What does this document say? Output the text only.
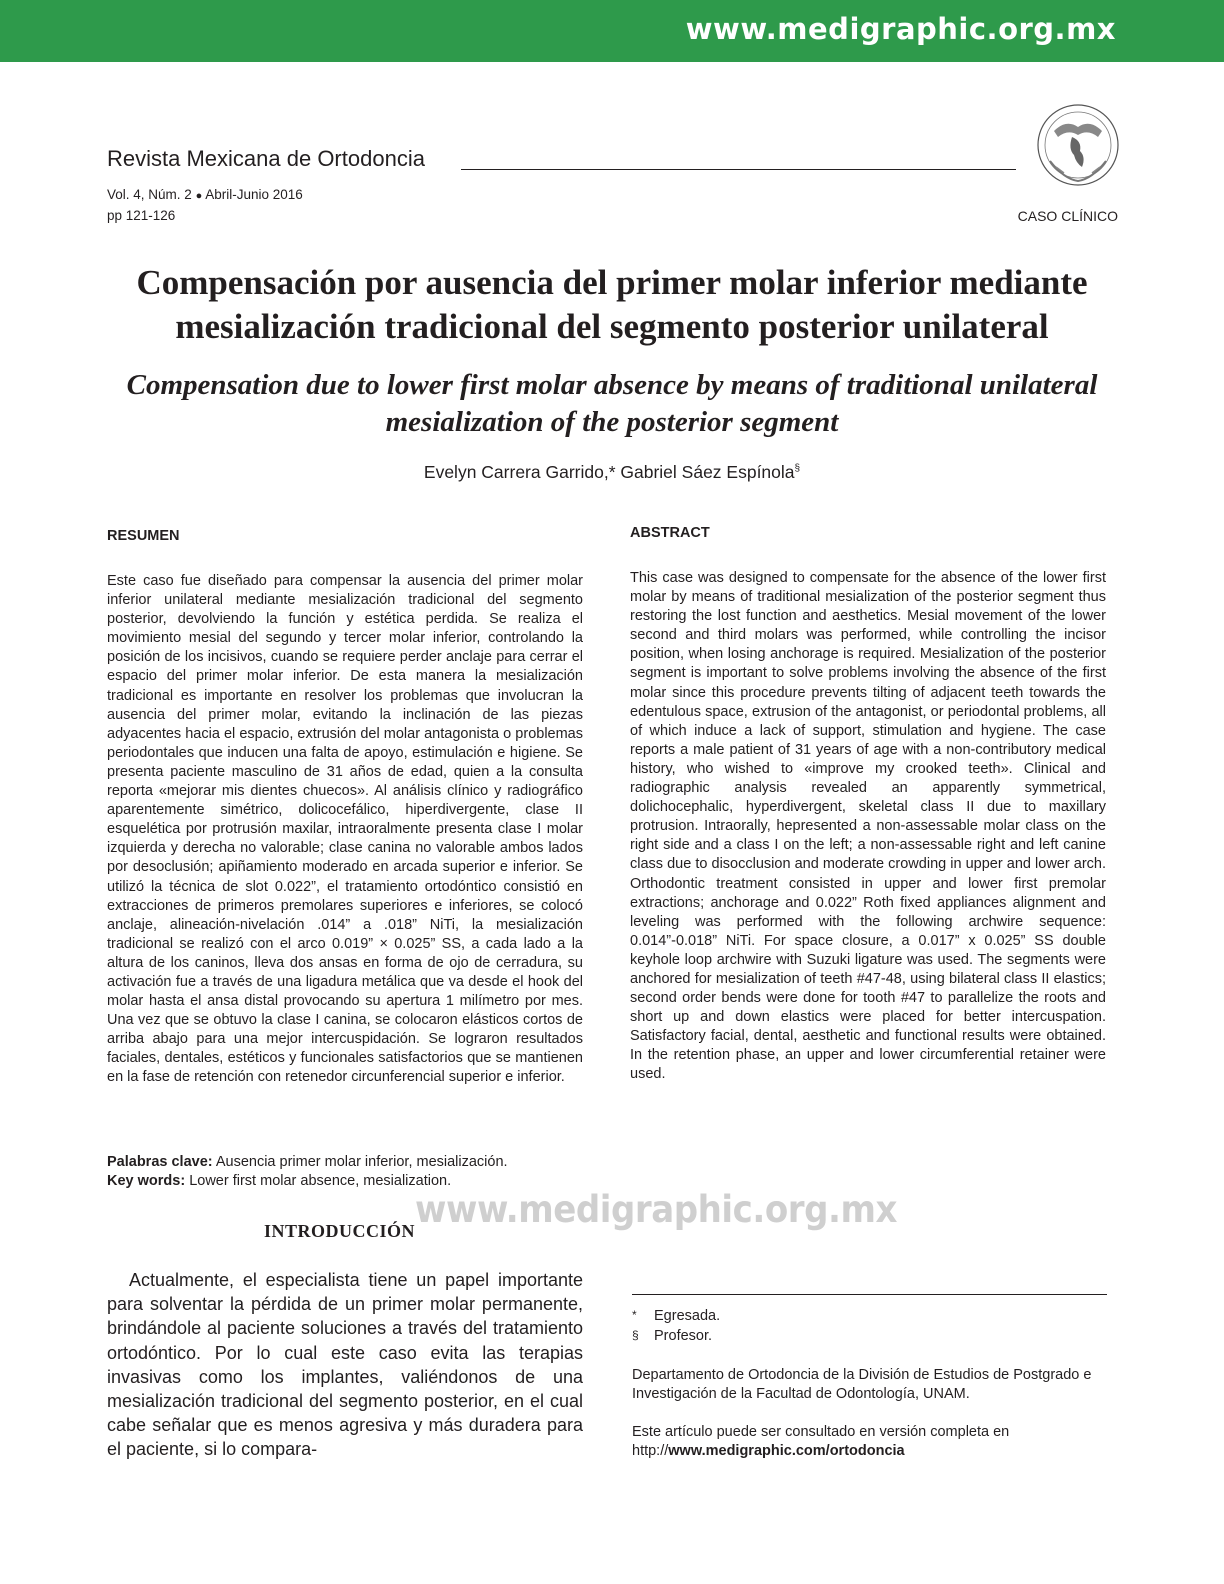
www.medigraphic.org.mx
Revista Mexicana de Ortodoncia
Vol. 4, Núm. 2 ● Abril-Junio 2016
pp 121-126	CASO CLÍNICO
Compensación por ausencia del primer molar inferior mediante mesialización tradicional del segmento posterior unilateral
Compensation due to lower first molar absence by means of traditional unilateral mesialization of the posterior segment
Evelyn Carrera Garrido,* Gabriel Sáez Espínola§
RESUMEN
Este caso fue diseñado para compensar la ausencia del primer molar inferior unilateral mediante mesialización tradicional del segmento posterior, devolviendo la función y estética perdida. Se realiza el movimiento mesial del segundo y tercer molar inferior, controlando la posición de los incisivos, cuando se requiere perder anclaje para cerrar el espacio del primer molar inferior. De esta manera la mesialización tradicional es importante en resolver los problemas que involucran la ausencia del primer molar, evitando la inclinación de las piezas adyacentes hacia el espacio, extrusión del molar antagonista o problemas periodontales que inducen una falta de apoyo, estimulación e higiene. Se presenta paciente masculino de 31 años de edad, quien a la consulta reporta «mejorar mis dientes chuecos». Al análisis clínico y radiográfico aparentemente simétrico, dolicocefálico, hiperdivergente, clase II esquelética por protrusión maxilar, intraoralmente presenta clase I molar izquierda y derecha no valorable; clase canina no valorable ambos lados por desoclusión; apiñamiento moderado en arcada superior e inferior. Se utilizó la técnica de slot 0.022”, el tratamiento ortodóntico consistió en extracciones de primeros premolares superiores e inferiores, se colocó anclaje, alineación-nivelación .014” a .018” NiTi, la mesialización tradicional se realizó con el arco 0.019” × 0.025” SS, a cada lado a la altura de los caninos, lleva dos ansas en forma de ojo de cerradura, su activación fue a través de una ligadura metálica que va desde el hook del molar hasta el ansa distal provocando su apertura 1 milímetro por mes. Una vez que se obtuvo la clase I canina, se colocaron elásticos cortos de arriba abajo para una mejor intercuspidación. Se lograron resultados faciales, dentales, estéticos y funcionales satisfactorios que se mantienen en la fase de retención con retenedor circunferencial superior e inferior.
ABSTRACT
This case was designed to compensate for the absence of the lower first molar by means of traditional mesialization of the posterior segment thus restoring the lost function and aesthetics. Mesial movement of the lower second and third molars was performed, while controlling the incisor position, when losing anchorage is required. Mesialization of the posterior segment is important to solve problems involving the absence of the first molar since this procedure prevents tilting of adjacent teeth towards the edentulous space, extrusion of the antagonist, or periodontal problems, all of which induce a lack of support, stimulation and hygiene. The case reports a male patient of 31 years of age with a non-contributory medical history, who wished to «improve my crooked teeth». Clinical and radiographic analysis revealed an apparently symmetrical, dolichocephalic, hyperdivergent, skeletal class II due to maxillary protrusion. Intraorally, hepresented a non-assessable molar class on the right side and a class I on the left; a non-assessable right and left canine class due to disocclusion and moderate crowding in upper and lower arch. Orthodontic treatment consisted in upper and lower first premolar extractions; anchorage and 0.022” Roth fixed appliances alignment and leveling was performed with the following archwire sequence: 0.014”-0.018” NiTi. For space closure, a 0.017” x 0.025” SS double keyhole loop archwire with Suzuki ligature was used. The segments were anchored for mesialization of teeth #47-48, using bilateral class II elastics; second order bends were done for tooth #47 to parallelize the roots and short up and down elastics were placed for better intercuspation. Satisfactory facial, dental, aesthetic and functional results were obtained. In the retention phase, an upper and lower circumferential retainer were used.
Palabras clave: Ausencia primer molar inferior, mesialización.
Key words: Lower first molar absence, mesialization.
www.medigraphic.org.mx
INTRODUCCIÓN
Actualmente, el especialista tiene un papel importante para solventar la pérdida de un primer molar permanente, brindándole al paciente soluciones a través del tratamiento ortodóntico. Por lo cual este caso evita las terapias invasivas como los implantes, valiéndonos de una mesialización tradicional del segmento posterior, en el cual cabe señalar que es menos agresiva y más duradera para el paciente, si lo compara-
* Egresada.
§ Profesor.
Departamento de Ortodoncia de la División de Estudios de Postgrado e Investigación de la Facultad de Odontología, UNAM.
Este artículo puede ser consultado en versión completa en
http://www.medigraphic.com/ortodoncia
